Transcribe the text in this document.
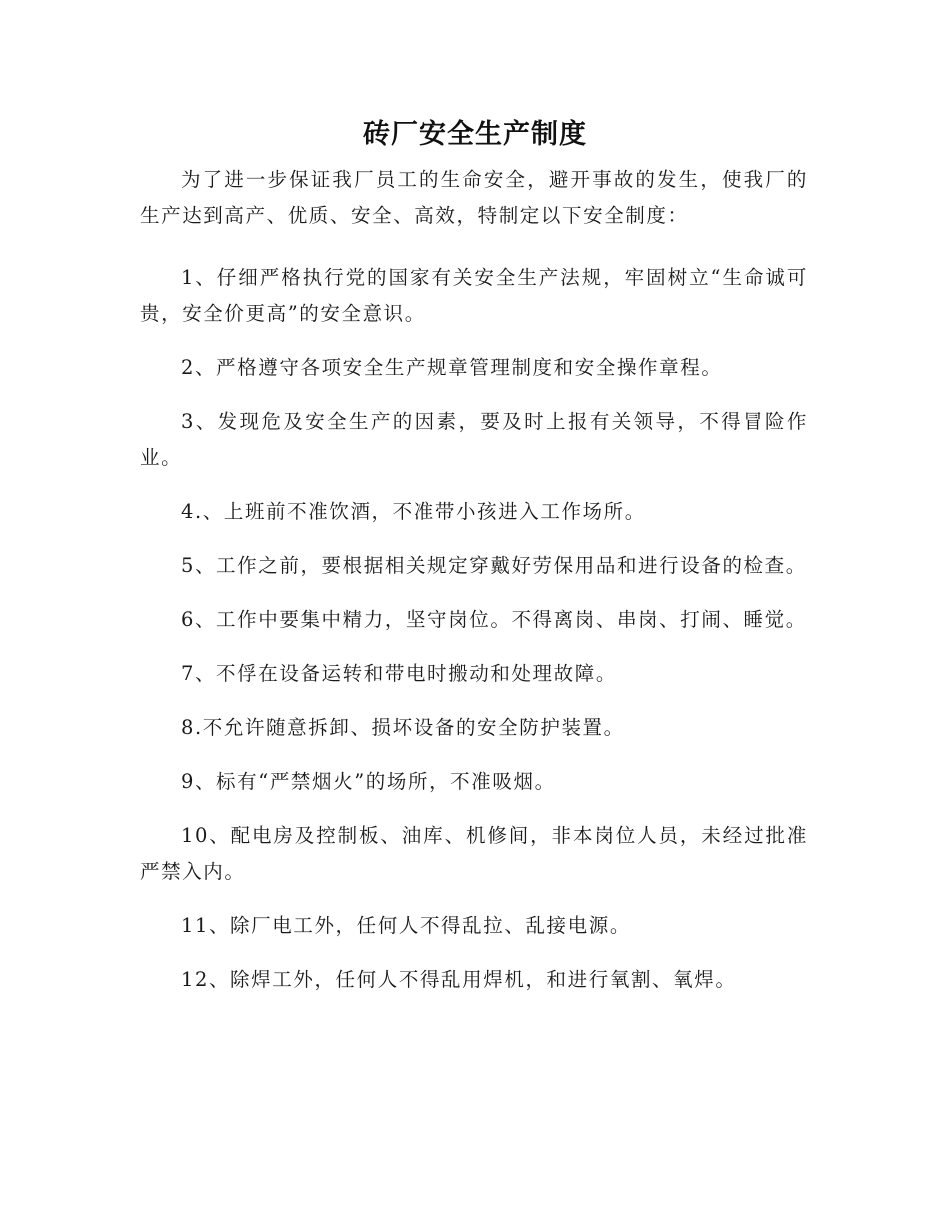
砖厂安全生产制度

为了进一步保证我厂员工的生命安全，避开事故的发生，使我厂的生产达到高产、优质、安全、高效，特制定以下安全制度：

1、仔细严格执行党的国家有关安全生产法规，牢固树立“生命诚可贵，安全价更高”的安全意识。

2、严格遵守各项安全生产规章管理制度和安全操作章程。

3、发现危及安全生产的因素，要及时上报有关领导，不得冒险作业。

4.、上班前不准饮酒，不准带小孩进入工作场所。

5、工作之前，要根据相关规定穿戴好劳保用品和进行设备的检查。

6、工作中要集中精力，坚守岗位。不得离岗、串岗、打闹、睡觉。

7、不俘在设备运转和带电时搬动和处理故障。

8.不允许随意拆卸、损坏设备的安全防护装置。

9、标有“严禁烟火”的场所，不准吸烟。

10、配电房及控制板、油库、机修间，非本岗位人员，未经过批准严禁入内。

11、除厂电工外，任何人不得乱拉、乱接电源。

12、除焊工外，任何人不得乱用焊机，和进行氧割、氧焊。
